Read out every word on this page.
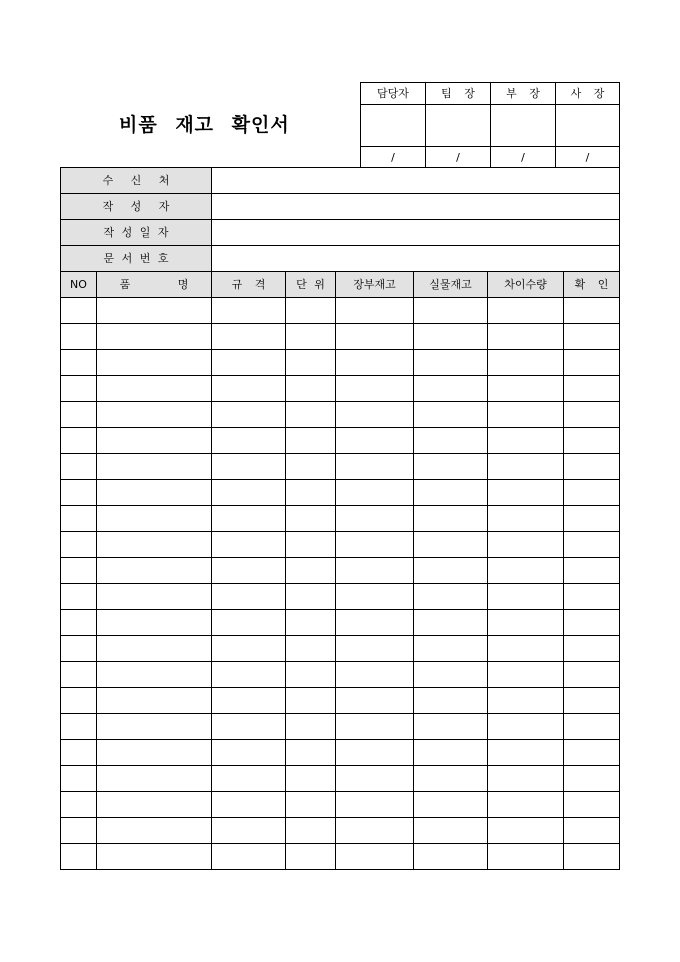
비품 재고 확인서
담당자	팀 장	부 장	사 장

/	/	/	/
수 신 처							
작 성 자							
작 성 일 자							
문 서 번 호							
NO	품 명	규 격	단 위	장부재고	실물재고	차이수량	확 인
